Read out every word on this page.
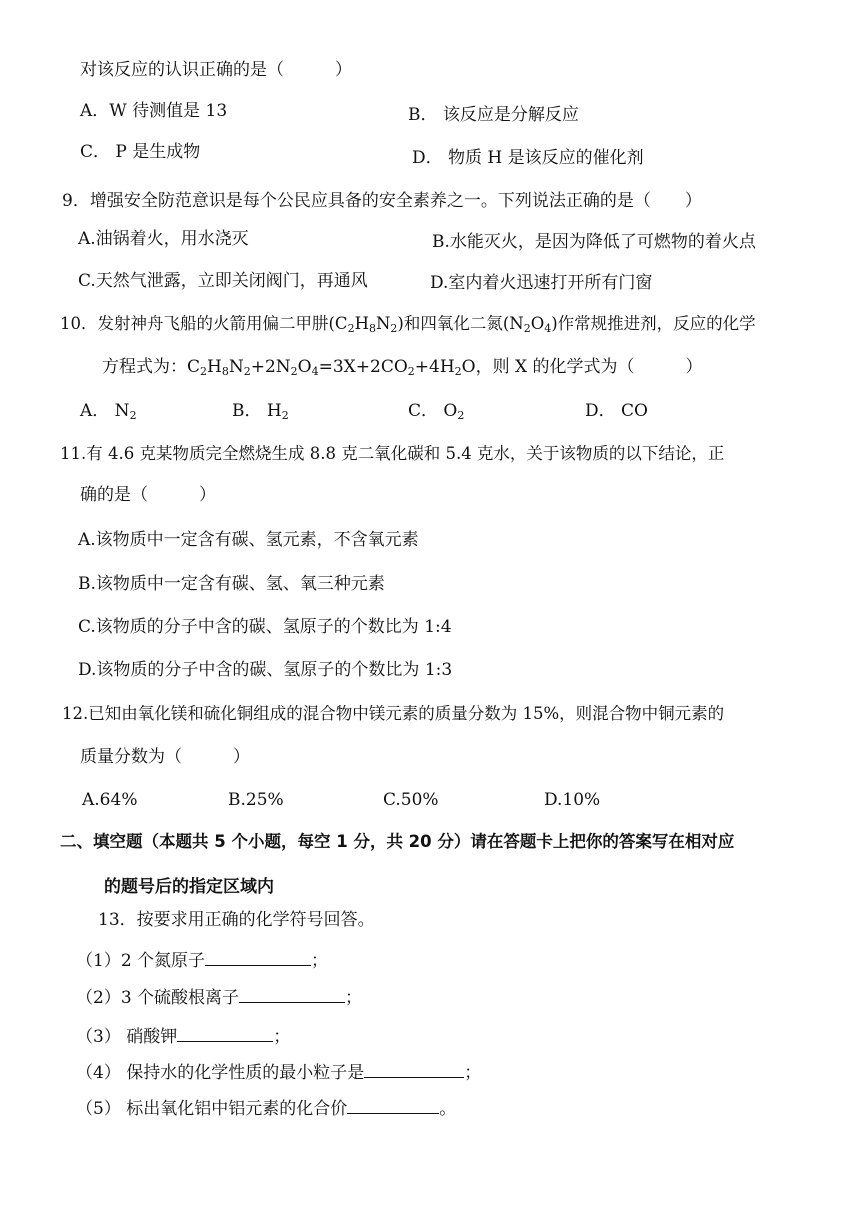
对该反应的认识正确的是（　　　）
A．W 待测值是 13	B． 该反应是分解反应
C． P 是生成物	D． 物质 H 是该反应的催化剂
9．增强安全防范意识是每个公民应具备的安全素养之一。下列说法正确的是（　　）
A.油锅着火，用水浇灭	B.水能灭火，是因为降低了可燃物的着火点
C.天然气泄露，立即关闭阀门，再通风	D.室内着火迅速打开所有门窗
10．发射神舟飞船的火箭用偏二甲肼$(C_2H_8N_2)$和四氧化二氮$(N_2O_4)$作常规推进剂，反应的化学
方程式为：$C_2H_8N_2+2N_2O_4=3X+2CO_2+4H_2O$，则 X 的化学式为（　　　）
A． $N_2$	B． $H_2$	C． $O_2$	D． CO
11.有 4.6 克某物质完全燃烧生成 8.8 克二氧化碳和 5.4 克水，关于该物质的以下结论，正
确的是（　　　）
A.该物质中一定含有碳、氢元素，不含氧元素
B.该物质中一定含有碳、氢、氧三种元素
C.该物质的分子中含的碳、氢原子的个数比为 1:4
D.该物质的分子中含的碳、氢原子的个数比为 1:3
12.已知由氧化镁和硫化铜组成的混合物中镁元素的质量分数为 15%，则混合物中铜元素的
质量分数为（　　　）
A.64%	B.25%	C.50%	D.10%
二、填空题（本题共 5 个小题，每空 1 分，共 20 分）请在答题卡上把你的答案写在相对应
的题号后的指定区域内
13．按要求用正确的化学符号回答。
（1）2 个氮原子	；
（2）3 个硫酸根离子	；
（3） 硝酸钾	；
（4） 保持水的化学性质的最小粒子是	；
（5） 标出氧化铝中铝元素的化合价	。
